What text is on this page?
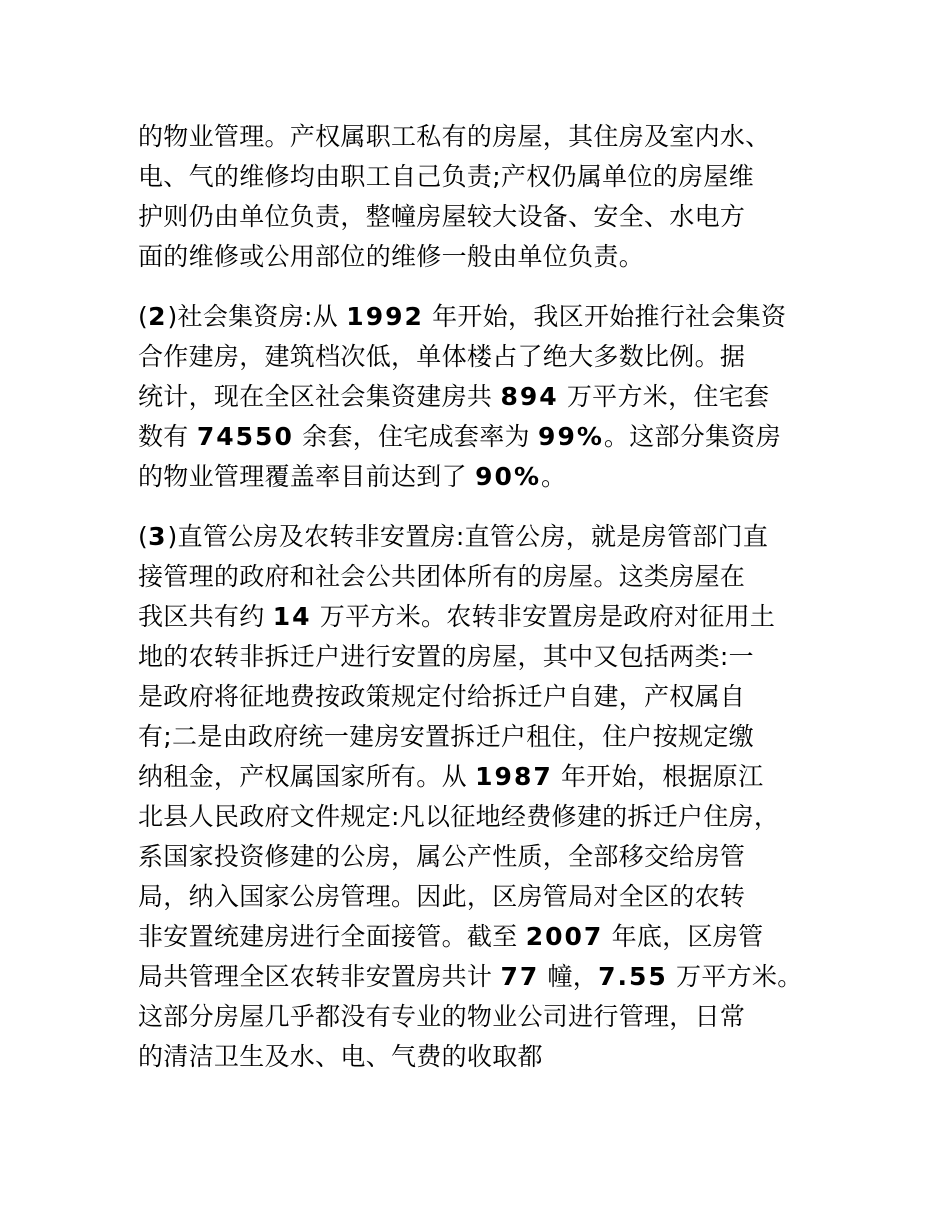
的物业管理。产权属职工私有的房屋，其住房及室内水、
电、气的维修均由职工自己负责;产权仍属单位的房屋维
护则仍由单位负责，整幢房屋较大设备、安全、水电方
面的维修或公用部位的维修一般由单位负责。
(2)社会集资房:从 1992 年开始，我区开始推行社会集资
合作建房，建筑档次低，单体楼占了绝大多数比例。据
统计，现在全区社会集资建房共 894 万平方米，住宅套
数有 74550 余套，住宅成套率为 99%。这部分集资房
的物业管理覆盖率目前达到了 90%。
(3)直管公房及农转非安置房:直管公房，就是房管部门直
接管理的政府和社会公共团体所有的房屋。这类房屋在
我区共有约 14 万平方米。农转非安置房是政府对征用土
地的农转非拆迁户进行安置的房屋，其中又包括两类:一
是政府将征地费按政策规定付给拆迁户自建，产权属自
有;二是由政府统一建房安置拆迁户租住，住户按规定缴
纳租金，产权属国家所有。从 1987 年开始，根据原江
北县人民政府文件规定:凡以征地经费修建的拆迁户住房，
系国家投资修建的公房，属公产性质，全部移交给房管
局，纳入国家公房管理。因此，区房管局对全区的农转
非安置统建房进行全面接管。截至 2007 年底，区房管
局共管理全区农转非安置房共计 77 幢，7.55 万平方米。
这部分房屋几乎都没有专业的物业公司进行管理，日常
的清洁卫生及水、电、气费的收取都
